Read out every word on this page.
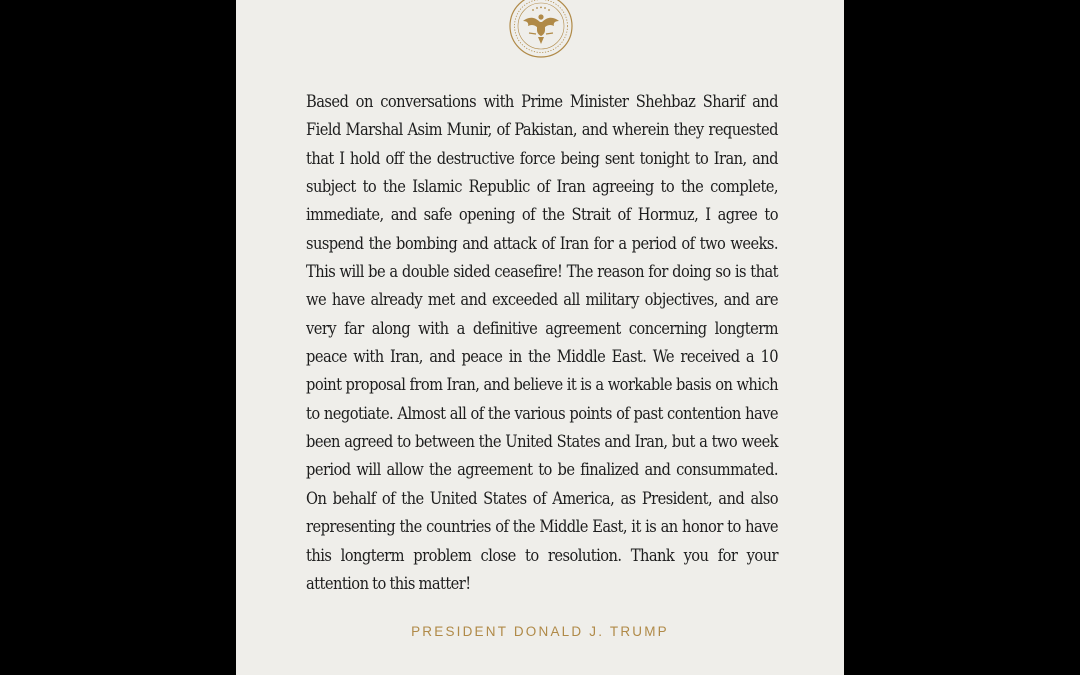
Based on conversations with Prime Minister Shehbaz Sharif and Field Marshal Asim Munir, of Pakistan, and wherein they requested that I hold off the destructive force being sent tonight to Iran, and subject to the Islamic Republic of Iran agreeing to the complete, immediate, and safe opening of the Strait of Hormuz, I agree to suspend the bombing and attack of Iran for a period of two weeks. This will be a double sided ceasefire! The reason for doing so is that we have already met and exceeded all military objectives, and are very far along with a definitive agreement concerning longterm peace with Iran, and peace in the Middle East. We received a 10 point proposal from Iran, and believe it is a workable basis on which to negotiate. Almost all of the various points of past contention have been agreed to between the United States and Iran, but a two week period will allow the agreement to be finalized and consummated. On behalf of the United States of America, as President, and also representing the countries of the Middle East, it is an honor to have this longterm problem close to resolution. Thank you for your attention to this matter!

PRESIDENT DONALD J. TRUMP
